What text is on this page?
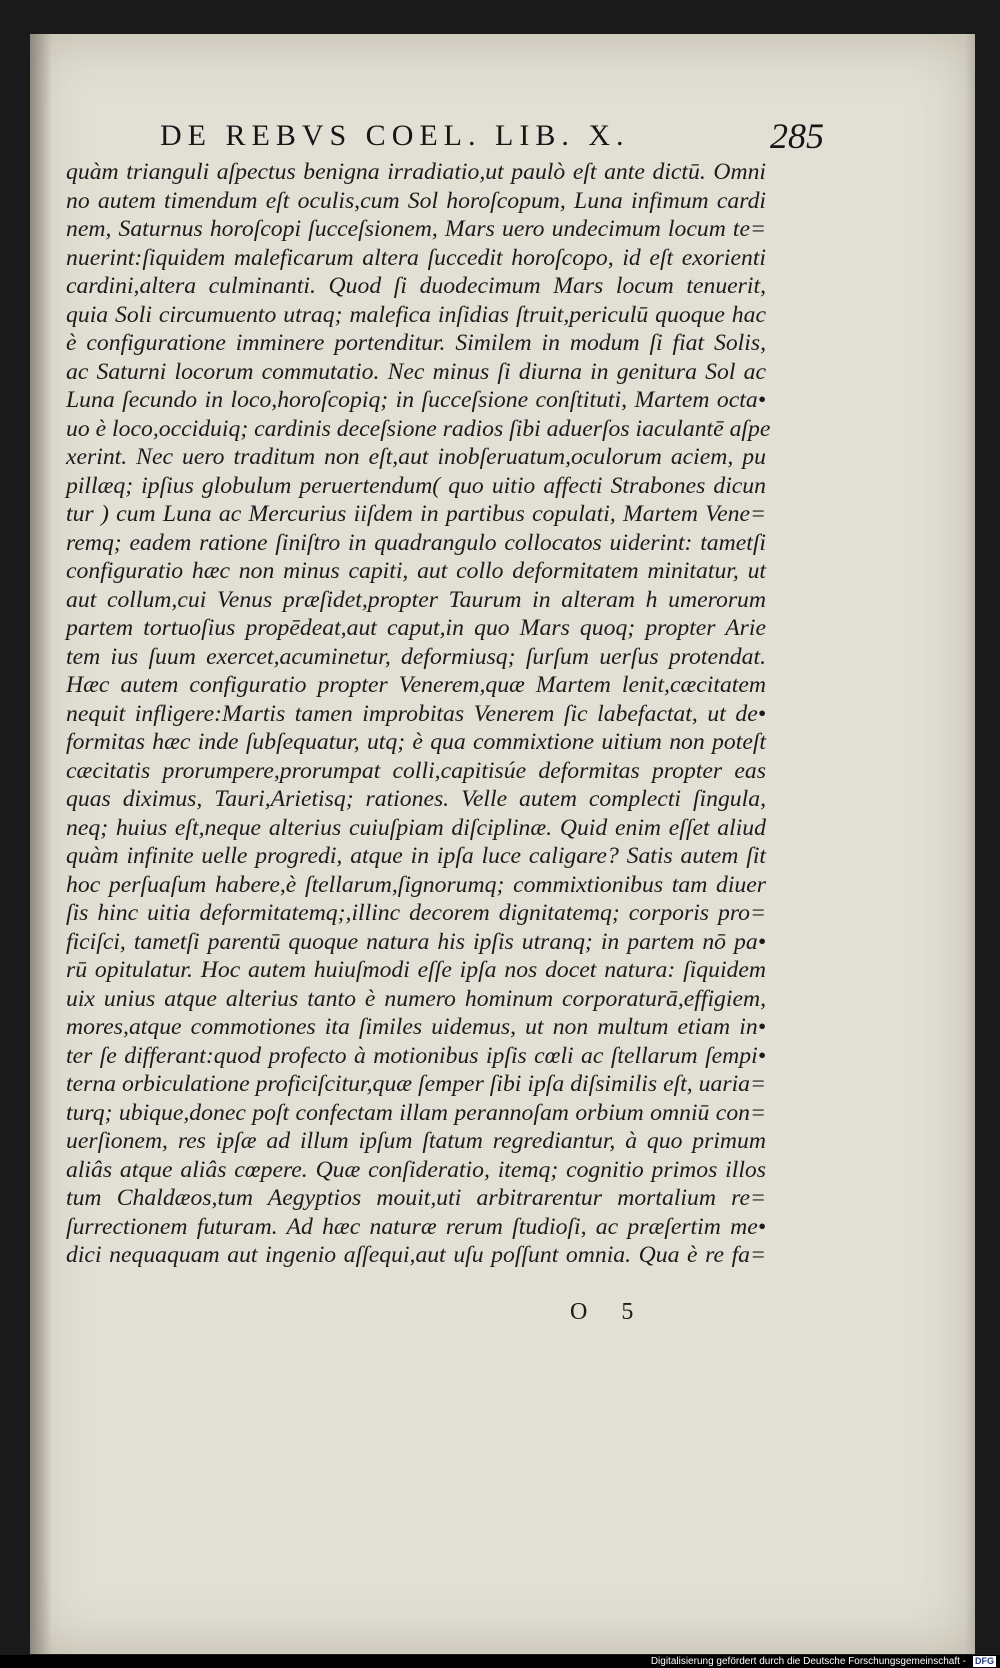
DE REBVS COEL. LIB. X.	285
quàm trianguli aſpectus benigna irradiatio,ut paulò eſt ante dictū. Omni
no autem timendum eſt oculis,cum Sol horoſcopum, Luna infimum cardi
nem, Saturnus horoſcopi ſucceſsionem, Mars uero undecimum locum te=
nuerint:ſiquidem maleficarum altera ſuccedit horoſcopo, id eſt exorienti
cardini,altera culminanti. Quod ſi duodecimum Mars locum tenuerit,
quia Soli circumuento utraq; malefica inſidias ſtruit,periculū quoque hac
è configuratione imminere portenditur. Similem in modum ſi fiat Solis,
ac Saturni locorum commutatio. Nec minus ſi diurna in genitura Sol ac
Luna ſecundo in loco,horoſcopiq; in ſucceſsione conſtituti, Martem octa•
uo è loco,occiduiq; cardinis deceſsione radios ſibi aduerſos iaculantē aſpe
xerint. Nec uero traditum non eſt,aut inobſeruatum,oculorum aciem, pu
pillæq; ipſius globulum peruertendum( quo uitio affecti Strabones dicun
tur ) cum Luna ac Mercurius iiſdem in partibus copulati, Martem Vene=
remq; eadem ratione ſiniſtro in quadrangulo collocatos uiderint: tametſi
configuratio hæc non minus capiti, aut collo deformitatem minitatur, ut
aut collum,cui Venus præſidet,propter Taurum in alteram h umerorum
partem tortuoſius propēdeat,aut caput,in quo Mars quoq; propter Arie
tem ius ſuum exercet,acuminetur, deformiusq; ſurſum uerſus protendat.
Hæc autem configuratio propter Venerem,quæ Martem lenit,cæcitatem
nequit infligere:Martis tamen improbitas Venerem ſic labefactat, ut de•
formitas hæc inde ſubſequatur, utq; è qua commixtione uitium non poteſt
cæcitatis prorumpere,prorumpat colli,capitisúe deformitas propter eas
quas diximus, Tauri,Arietisq; rationes. Velle autem complecti ſingula,
neq; huius eſt,neque alterius cuiuſpiam diſciplinæ. Quid enim eſſet aliud
quàm infinite uelle progredi, atque in ipſa luce caligare? Satis autem ſit
hoc perſuaſum habere,è ſtellarum,ſignorumq; commixtionibus tam diuer
ſis hinc uitia deformitatemq;,illinc decorem dignitatemq; corporis pro=
ficiſci, tametſi parentū quoque natura his ipſis utranq; in partem nō pa•
rū opitulatur. Hoc autem huiuſmodi eſſe ipſa nos docet natura: ſiquidem
uix unius atque alterius tanto è numero hominum corporaturā,effigiem,
mores,atque commotiones ita ſimiles uidemus, ut non multum etiam in•
ter ſe differant:quod profecto à motionibus ipſis cœli ac ſtellarum ſempi•
terna orbiculatione proficiſcitur,quæ ſemper ſibi ipſa diſsimilis eſt, uaria=
turq; ubique,donec poſt confectam illam perannoſam orbium omniū con=
uerſionem, res ipſæ ad illum ipſum ſtatum regrediantur, à quo primum
aliâs atque aliâs cœpere. Quæ conſideratio, itemq; cognitio primos illos
tum Chaldæos,tum Aegyptios mouit,uti arbitrarentur mortalium re=
ſurrectionem futuram. Ad hæc naturæ rerum ſtudioſi, ac præſertim me•
dici nequaquam aut ingenio aſſequi,aut uſu poſſunt omnia. Qua è re fa=
O 5
Digitalisierung gefördert durch die Deutsche Forschungsgemeinschaft - DFG
